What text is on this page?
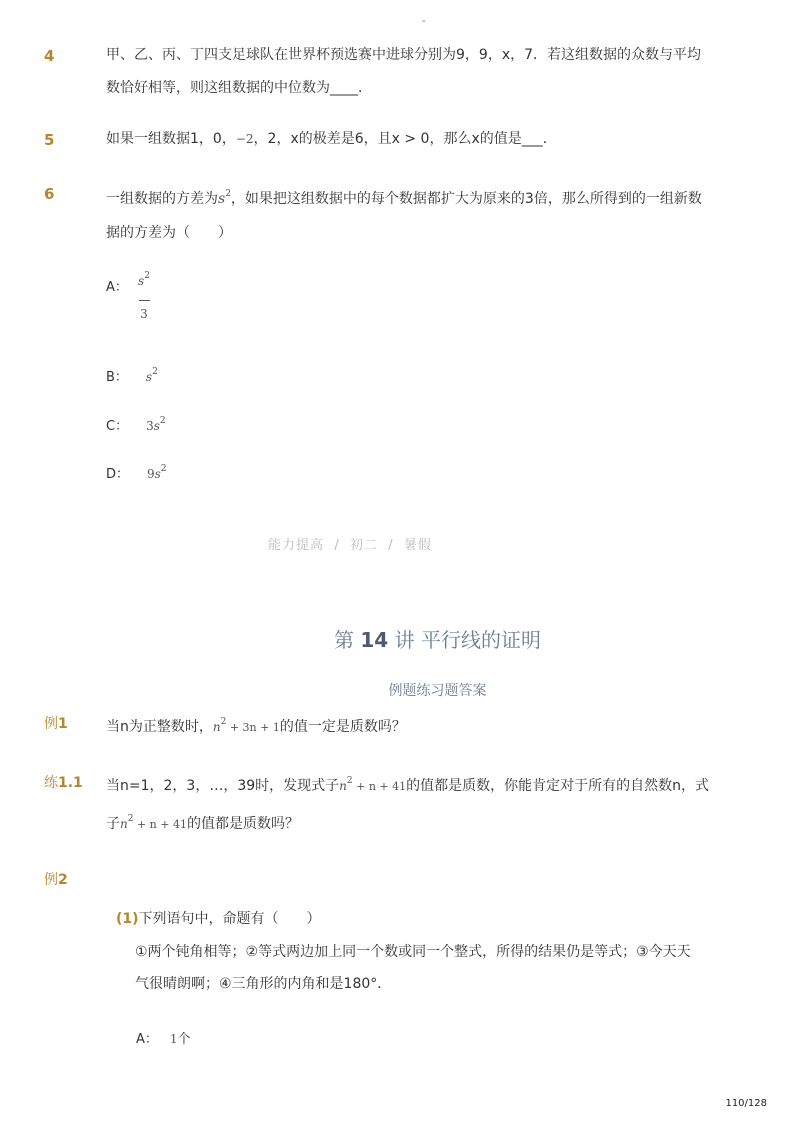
-
4	甲、乙、丙、丁四支足球队在世界杯预选赛中进球分别为9，9，x，7．若这组数据的众数与平均
数恰好相等，则这组数据的中位数为____．
5	如果一组数据1，0，−2，2，x的极差是6，且x > 0，那么x的值是___．
6	一组数据的方差为$s^2$，如果把这组数据中的每个数据都扩大为原来的3倍，那么所得到的一组新数
据的方差为（　　）
A： $s^2$
3
B： $s^2$
C： $3s^2$
D： $9s^2$
能力提高 / 初二 / 暑假
第 14 讲 平行线的证明
例题练习题答案
例1	当n为正整数时，$n^2 + 3n + 1$的值一定是质数吗？
练1.1 当n=1，2，3，…，39时，发现式子$n^2 + n + 41$的值都是质数，你能肯定对于所有的自然数n，式
子$n^2 + n + 41$的值都是质数吗？
例2
(1)下列语句中，命题有（　　）
①两个钝角相等；②等式两边加上同一个数或同一个整式，所得的结果仍是等式；③今天天
气很晴朗啊；④三角形的内角和是180°．
A： 1个
110/128
